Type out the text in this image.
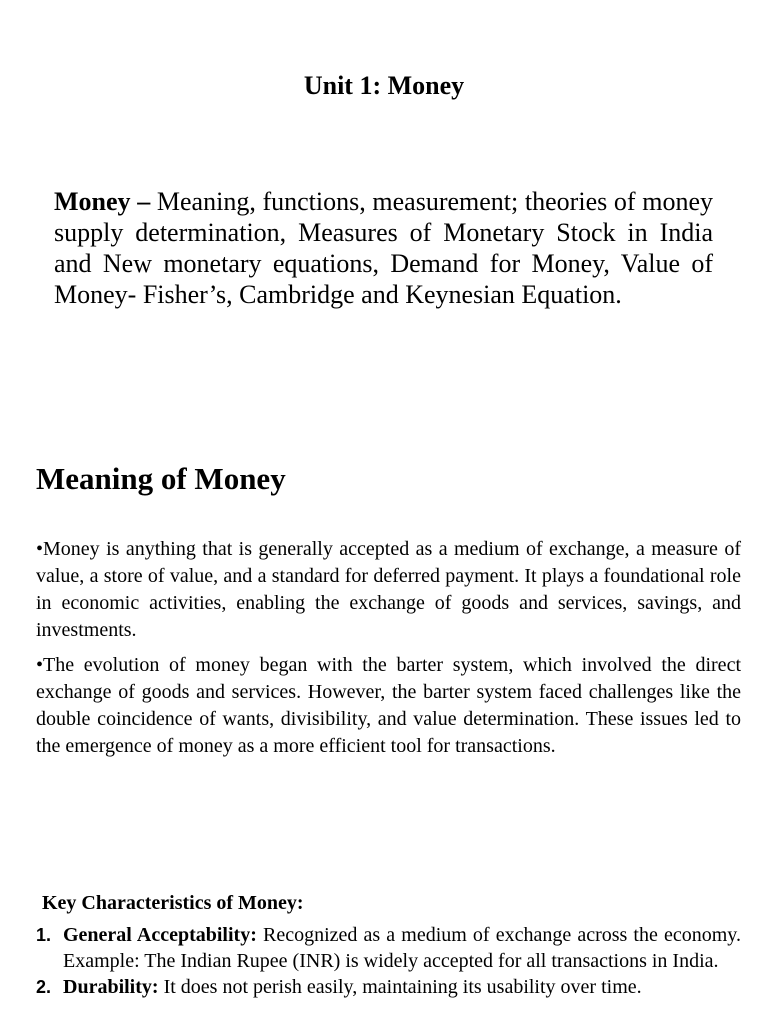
Unit 1: Money
Money – Meaning, functions, measurement; theories of money supply determination, Measures of Monetary Stock in India and New monetary equations, Demand for Money, Value of Money- Fisher’s, Cambridge and Keynesian Equation.
Meaning of Money
•Money is anything that is generally accepted as a medium of exchange, a measure of value, a store of value, and a standard for deferred payment. It plays a foundational role in economic activities, enabling the exchange of goods and services, savings, and investments.
•The evolution of money began with the barter system, which involved the direct exchange of goods and services. However, the barter system faced challenges like the double coincidence of wants, divisibility, and value determination. These issues led to the emergence of money as a more efficient tool for transactions.
Key Characteristics of Money:
1. General Acceptability: Recognized as a medium of exchange across the economy. Example: The Indian Rupee (INR) is widely accepted for all transactions in India.
2. Durability: It does not perish easily, maintaining its usability over time.
